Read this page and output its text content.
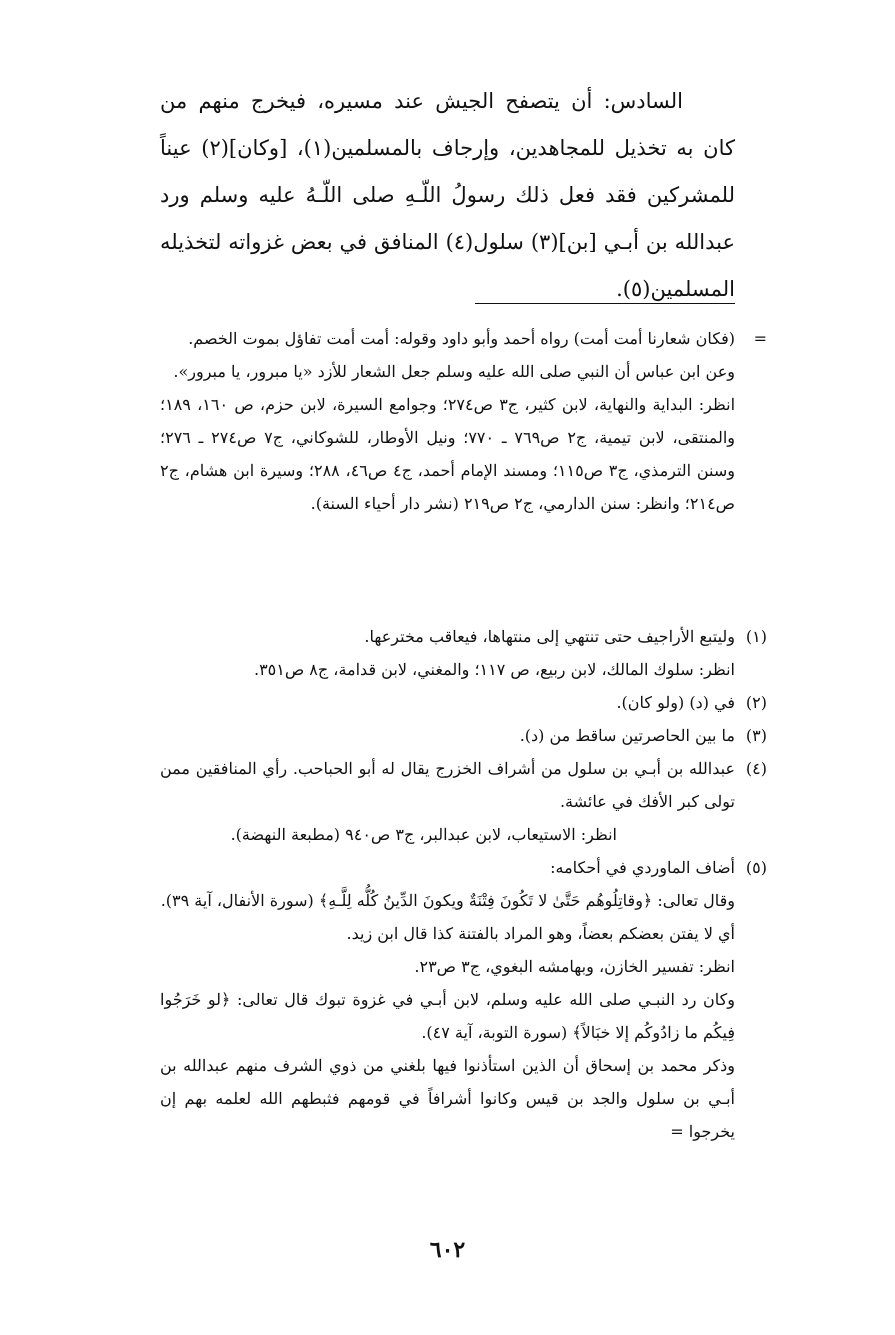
السادس: أن يتصفح الجيش عند مسيره، فيخرج منهم من كان به تخذيل للمجاهدين، وإرجاف بالمسلمين(١)، [وكان](٢) عيناً للمشركين فقد فعل ذلك رسولُ اللّـهِ صلى اللّـهُ عليه وسلم ورد عبدالله بن أبـي [بن](٣) سلول(٤) المنافق في بعض غزواته لتخذيله المسلمين(٥).

=
(فكان شعارنا أمت أمت) رواه أحمد وأبو داود وقوله: أمت أمت تفاؤل بموت الخصم.
وعن ابن عباس أن النبي صلى الله عليه وسلم جعل الشعار للأزد «يا مبرور، يا مبرور».
انظر: البداية والنهاية، لابن كثير، ج٣ ص٢٧٤؛ وجوامع السيرة، لابن حزم، ص ١٦٠، ١٨٩؛ والمنتقى، لابن تيمية، ج٢ ص٧٦٩ ـ ٧٧٠؛ ونيل الأوطار، للشوكاني، ج٧ ص٢٧٤ ـ ٢٧٦؛ وسنن الترمذي، ج٣ ص١١٥؛ ومسند الإمام أحمد، ج٤ ص٤٦، ٢٨٨؛ وسيرة ابن هشام، ج٢ ص٢١٤؛ وانظر: سنن الدارمي، ج٢ ص٢١٩ (نشر دار أحياء السنة).
(١)
وليتبع الأراجيف حتى تنتهي إلى منتهاها، فيعاقب مخترعها.
انظر: سلوك المالك، لابن ربيع، ص ١١٧؛ والمغني، لابن قدامة، ج٨ ص٣٥١.
(٢)
في (د) (ولو كان).
(٣)
ما بين الحاصرتين ساقط من (د).
(٤)
عبدالله بن أبـي بن سلول من أشراف الخزرج يقال له أبو الحباحب. رأي المنافقين ممن تولى كبر الأفك في عائشة.
انظر: الاستيعاب، لابن عبدالبر، ج٣ ص٩٤٠ (مطبعة النهضة).
(٥)
أضاف الماوردي في أحكامه:
وقال تعالى: ﴿وقاتِلُوهُم حَتَّىٰ لا تَكُونَ فِتْنَةٌ ويكونَ الدِّينُ كُلُّه لِلَّـهِ﴾ (سورة الأنفال، آية ٣٩).
أي لا يفتن بعضكم بعضاً، وهو المراد بالفتنة كذا قال ابن زيد.
انظر: تفسير الخازن، وبهامشه البغوي، ج٣ ص٢٣.
وكان رد النبـي صلى الله عليه وسلم، لابن أبـي في غزوة تبوك قال تعالى: ﴿لو خَرَجُوا فِيكُم ما زادُوكُم إلا خبَالاً﴾ (سورة التوبة، آية ٤٧).
وذكر محمد بن إسحاق أن الذين استأذنوا فيها بلغني من ذوي الشرف منهم عبدالله بن أبـي بن سلول والجد بن قيس وكانوا أشرافاً في قومهم فثبطهم الله لعلمه بهم إن يخرجوا =
٦٠٢
